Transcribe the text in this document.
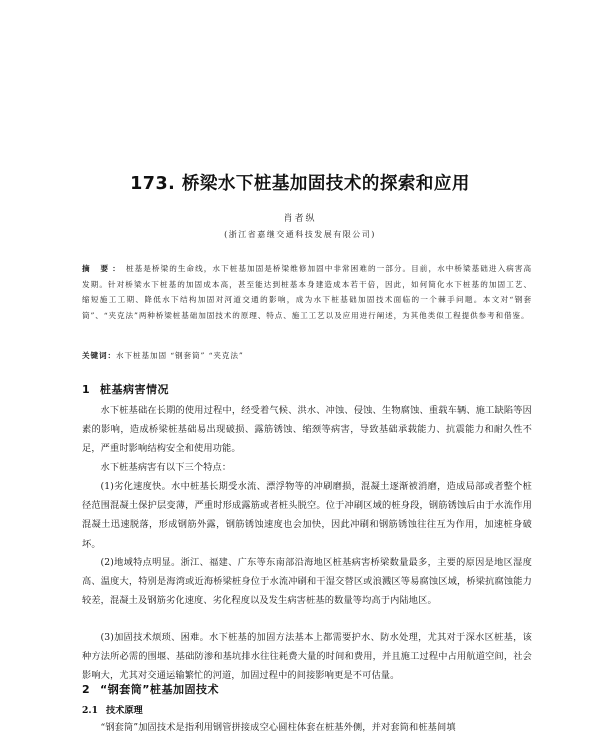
173. 桥梁水下桩基加固技术的探索和应用
肖者纵
(浙江省嘉继交通科技发展有限公司)

摘 要： 桩基是桥梁的生命线，水下桩基加固是桥梁维修加固中非常困难的一部分。目前，水中桥梁基础进入病害高发期。针对桥梁水下桩基的加固成本高，甚至能达到桩基本身建造成本若干倍，因此，如何简化水下桩基的加固工艺、缩短施工工期、降低水下结构加固对河道交通的影响，成为水下桩基础加固技术面临的一个棘手问题。本文对“钢套筒”、“夹克法”两种桥梁桩基础加固技术的原理、特点、施工工艺以及应用进行阐述，为其他类似工程提供参考和借鉴。

关键词：水下桩基加固 “钢套筒” “夹克法”
1 桩基病害情况

水下桩基础在长期的使用过程中，经受着气候、洪水、冲蚀、侵蚀、生物腐蚀、重载车辆、施工缺陷等因素的影响，造成桥梁桩基础易出现破损、露筋锈蚀、缩颈等病害，导致基础承载能力、抗震能力和耐久性不足，严重时影响结构安全和使用功能。

水下桩基病害有以下三个特点：

(1)劣化速度快。水中桩基长期受水流、漂浮物等的冲刷磨损，混凝土逐渐被消磨，造成局部或者整个桩径范围混凝土保护层变薄，严重时形成露筋或者桩头脱空。位于冲刷区域的桩身段，钢筋锈蚀后由于水流作用混凝土迅速脱落，形成钢筋外露，钢筋锈蚀速度也会加快，因此冲刷和钢筋锈蚀往往互为作用，加速桩身破坏。

(2)地域特点明显。浙江、福建、广东等东南部沿海地区桩基病害桥梁数量最多，主要的原因是地区湿度高、温度大，特别是海湾或近海桥梁桩身位于水流冲刷和干湿交替区或浪溅区等易腐蚀区域，桥梁抗腐蚀能力较差，混凝土及钢筋劣化速度、劣化程度以及发生病害桩基的数量等均高于内陆地区。

(3)加固技术烦琐、困难。水下桩基的加固方法基本上都需要护水、防水处理，尤其对于深水区桩基，该种方法所必需的围堰、基础防渗和基坑排水往往耗费大量的时间和费用，并且施工过程中占用航道空间，社会影响大，尤其对交通运输繁忙的河道，加固过程中的间接影响更是不可估量。

2 “钢套筒”桩基加固技术
2.1 技术原理

“钢套筒”加固技术是指利用钢管拼接成空心圆柱体套在桩基外侧，并对套筒和桩基间填
